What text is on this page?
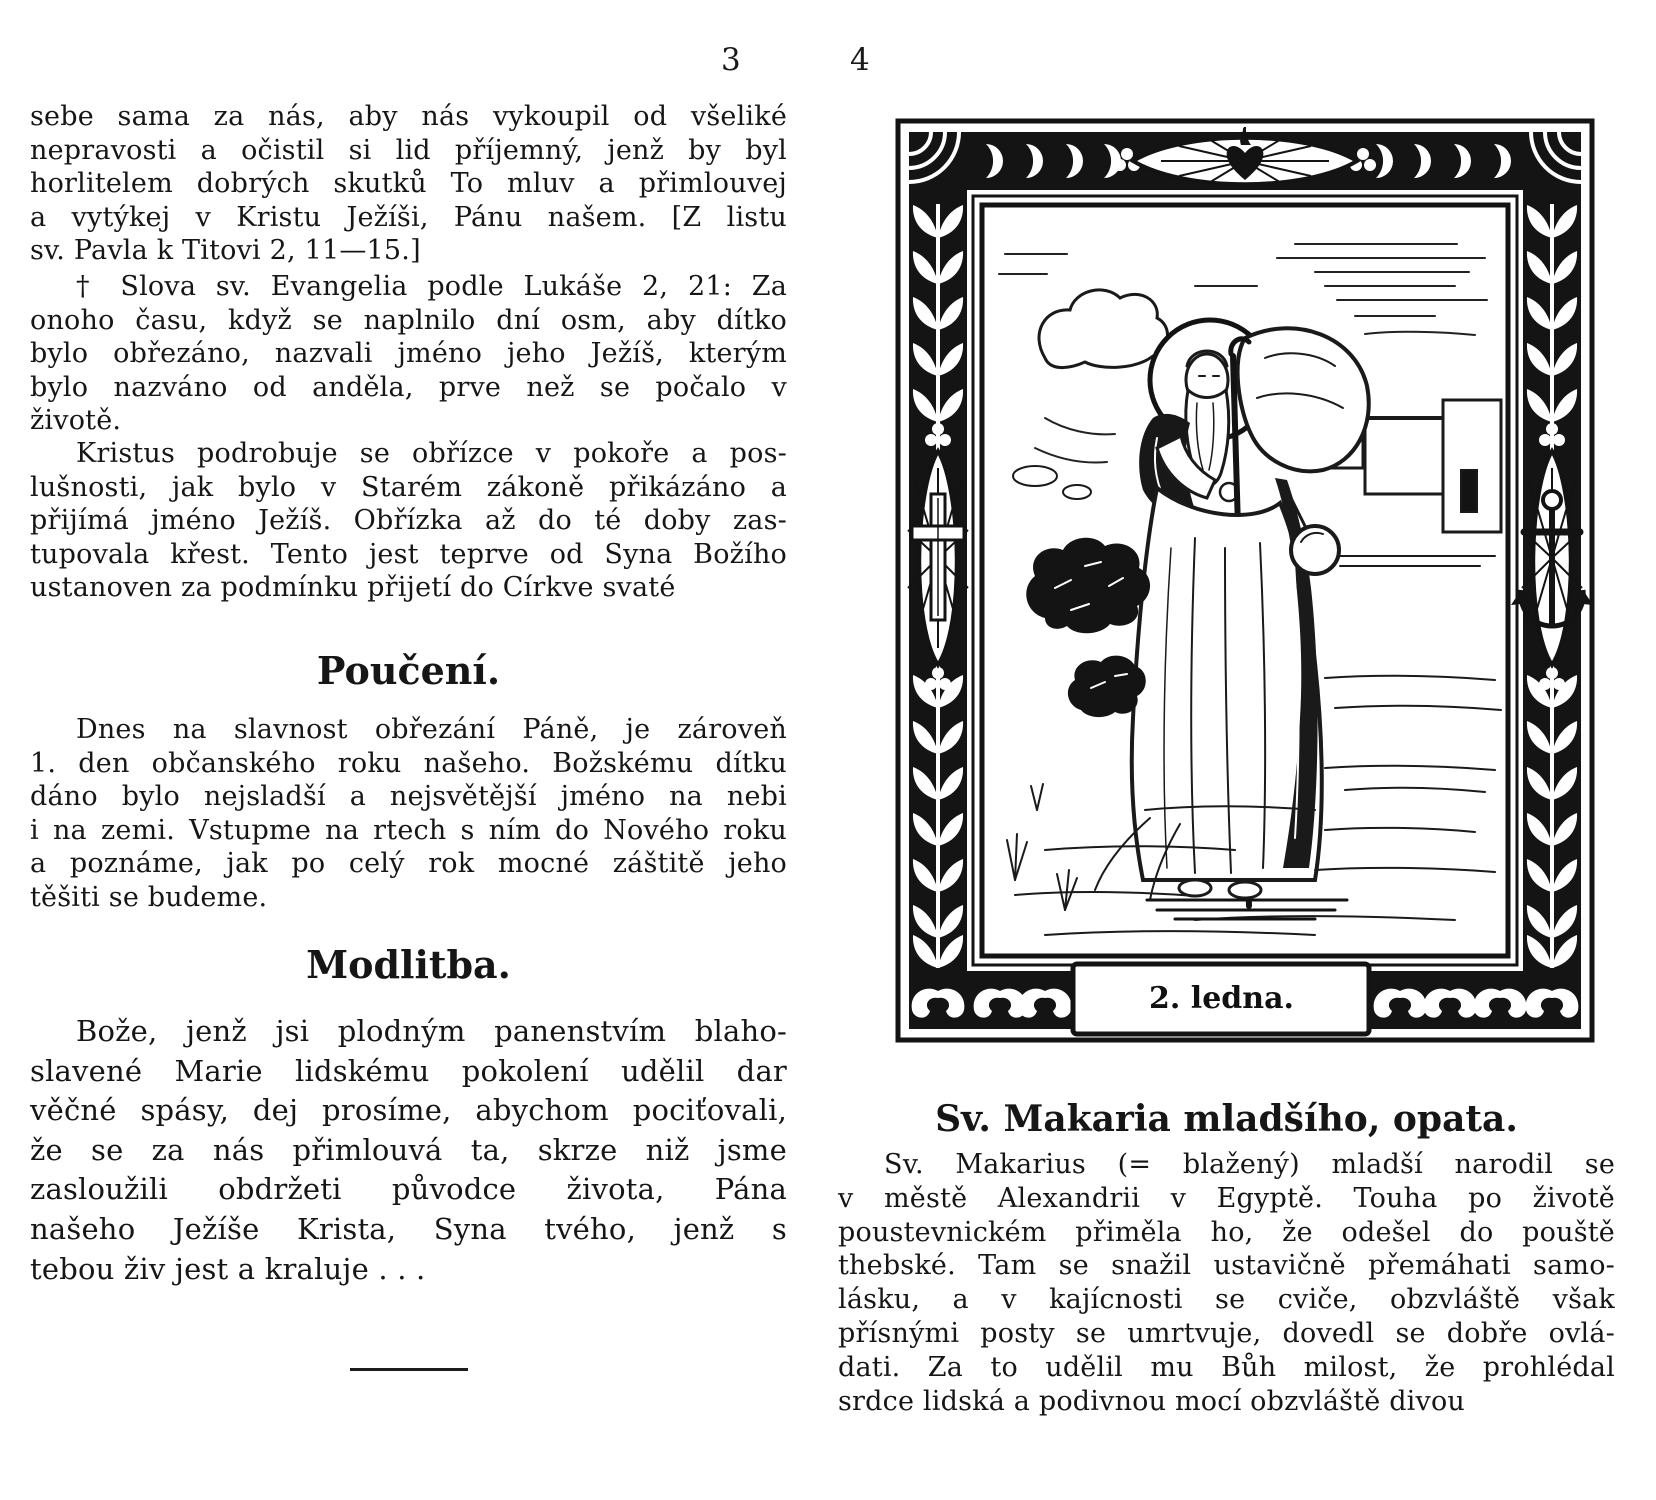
3	4
sebe sama za nás, aby nás vykoupil od všeliké
nepravosti a očistil si lid příjemný, jenž by byl
horlitelem dobrých skutků To mluv a přimlouvej
a vytýkej v Kristu Ježíši, Pánu našem. [Z listu
sv. Pavla k Titovi 2, 11—15.]
† Slova sv. Evangelia podle Lukáše 2, 21: Za
onoho času, když se naplnilo dní osm, aby dítko
bylo obřezáno, nazvali jméno jeho Ježíš, kterým
bylo nazváno od anděla, prve než se počalo v
životě.
Kristus podrobuje se obřízce v pokoře a pos-
lušnosti, jak bylo v Starém zákoně přikázáno a
přijímá jméno Ježíš. Obřízka až do té doby zas-
tupovala křest. Tento jest teprve od Syna Božího
ustanoven za podmínku přijetí do Církve svaté
Poučení.
Dnes na slavnost obřezání Páně, je zároveň
1. den občanského roku našeho. Božskému dítku
dáno bylo nejsladší a nejsvětější jméno na nebi
i na zemi. Vstupme na rtech s ním do Nového roku
a poznáme, jak po celý rok mocné záštitě jeho
těšiti se budeme.
Modlitba.
Bože, jenž jsi plodným panenstvím blaho-
slavené Marie lidskému pokolení udělil dar
věčné spásy, dej prosíme, abychom pociťovali,
že se za nás přimlouvá ta, skrze niž jsme
zasloužili obdržeti původce života, Pána
našeho Ježíše Krista, Syna tvého, jenž s
tebou živ jest a kraluje . . .
2. ledna.
Sv. Makaria mladšího, opata.
Sv. Makarius (= blažený) mladší narodil se
v městě Alexandrii v Egyptě. Touha po životě
poustevnickém přiměla ho, že odešel do pouště
thebské. Tam se snažil ustavičně přemáhati samo-
lásku, a v kajícnosti se cviče, obzvláště však
přísnými posty se umrtvuje, dovedl se dobře ovlá-
dati. Za to udělil mu Bůh milost, že prohlédal
srdce lidská a podivnou mocí obzvláště divou
